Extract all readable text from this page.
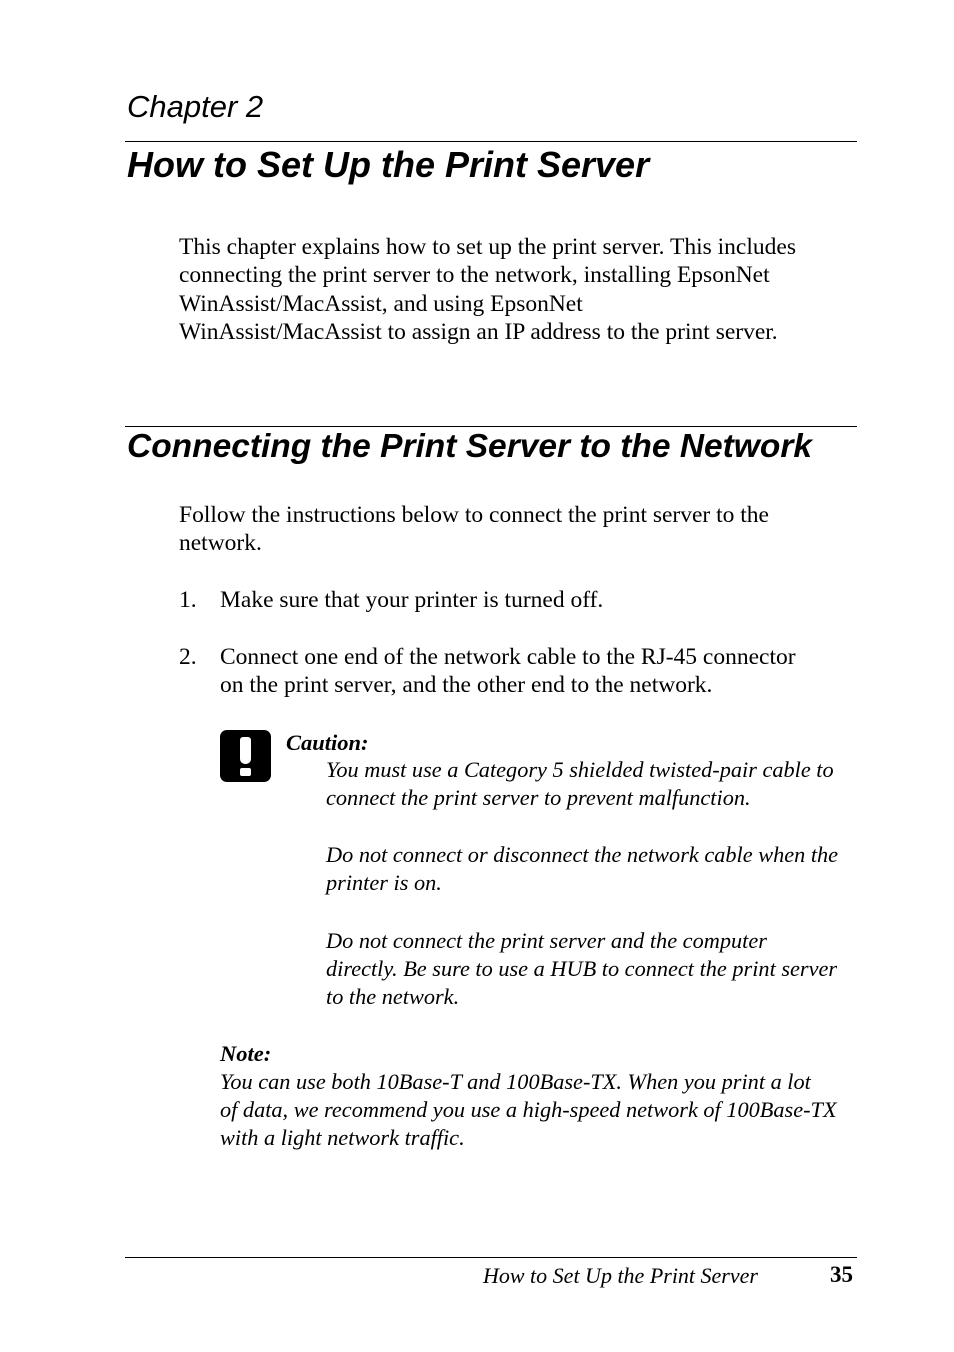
Chapter 2
How to Set Up the Print Server
This chapter explains how to set up the print server. This includes
connecting the print server to the network, installing EpsonNet
WinAssist/MacAssist, and using EpsonNet
WinAssist/MacAssist to assign an IP address to the print server.
Connecting the Print Server to the Network
Follow the instructions below to connect the print server to the
network.
1. Make sure that your printer is turned off.
2. Connect one end of the network cable to the RJ-45 connector
on the print server, and the other end to the network.
Caution:
You must use a Category 5 shielded twisted-pair cable to
connect the print server to prevent malfunction.
Do not connect or disconnect the network cable when the
printer is on.
Do not connect the print server and the computer
directly. Be sure to use a HUB to connect the print server
to the network.
Note:
You can use both 10Base-T and 100Base-TX. When you print a lot
of data, we recommend you use a high-speed network of 100Base-TX
with a light network traffic.
How to Set Up the Print Server	35
